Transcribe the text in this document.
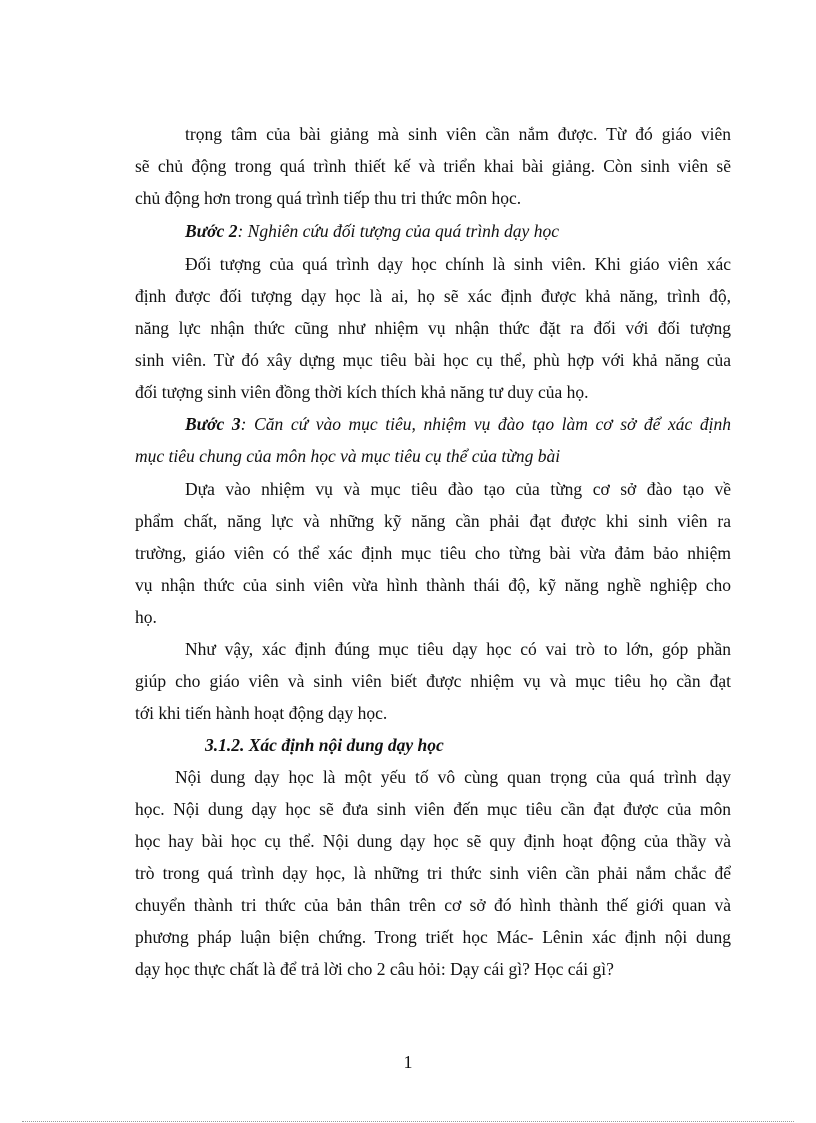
trọng tâm của bài giảng mà sinh viên cần nắm được. Từ đó giáo viên
sẽ chủ động trong quá trình thiết kế và triển khai bài giảng. Còn sinh viên sẽ
chủ động hơn trong quá trình tiếp thu tri thức môn học.
Bước 2: Nghiên cứu đối tượng của quá trình dạy học
Đối tượng của quá trình dạy học chính là sinh viên. Khi giáo viên xác
định được đối tượng dạy học là ai, họ sẽ xác định được khả năng, trình độ,
năng lực nhận thức cũng như nhiệm vụ nhận thức đặt ra đối với đối tượng
sinh viên. Từ đó xây dựng mục tiêu bài học cụ thể, phù hợp với khả năng của
đối tượng sinh viên đồng thời kích thích khả năng tư duy của họ.
Bước 3: Căn cứ vào mục tiêu, nhiệm vụ đào tạo làm cơ sở để xác định
mục tiêu chung của môn học và mục tiêu cụ thể của từng bài
Dựa vào nhiệm vụ và mục tiêu đào tạo của từng cơ sở đào tạo về
phẩm chất, năng lực và những kỹ năng cần phải đạt được khi sinh viên ra
trường, giáo viên có thể xác định mục tiêu cho từng bài vừa đảm bảo nhiệm
vụ nhận thức của sinh viên vừa hình thành thái độ, kỹ năng nghề nghiệp cho
họ.
Như vậy, xác định đúng mục tiêu dạy học có vai trò to lớn, góp phần
giúp cho giáo viên và sinh viên biết được nhiệm vụ và mục tiêu họ cần đạt
tới khi tiến hành hoạt động dạy học.
3.1.2. Xác định nội dung dạy học
Nội dung dạy học là một yếu tố vô cùng quan trọng của quá trình dạy
học. Nội dung dạy học sẽ đưa sinh viên đến mục tiêu cần đạt được của môn
học hay bài học cụ thể. Nội dung dạy học sẽ quy định hoạt động của thầy và
trò trong quá trình dạy học, là những tri thức sinh viên cần phải nắm chắc để
chuyển thành tri thức của bản thân trên cơ sở đó hình thành thế giới quan và
phương pháp luận biện chứng. Trong triết học Mác- Lênin xác định nội dung
dạy học thực chất là để trả lời cho 2 câu hỏi: Dạy cái gì? Học cái gì?
1
